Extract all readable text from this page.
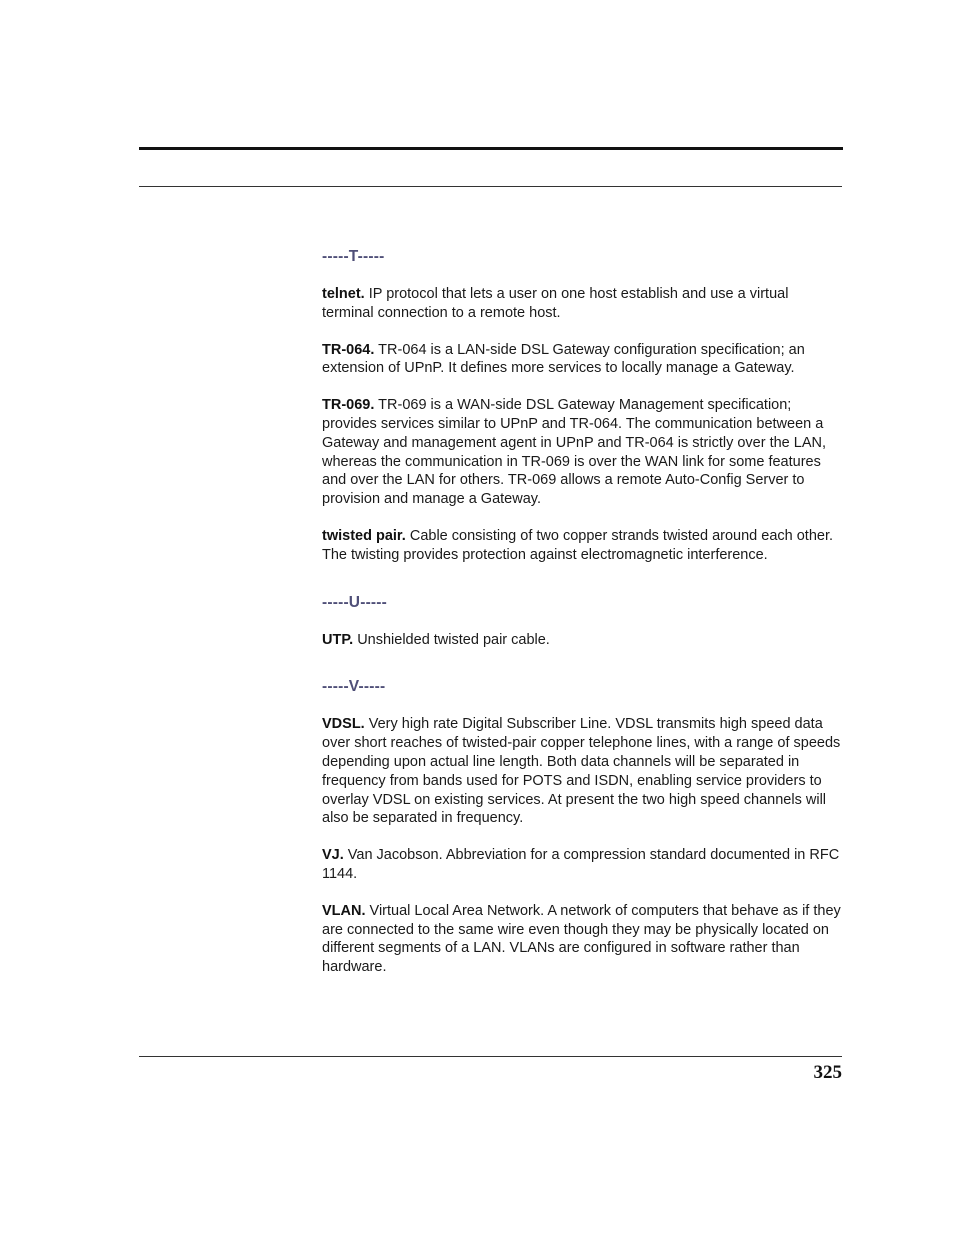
-----T-----

telnet. IP protocol that lets a user on one host establish and use a virtual terminal connection to a remote host.

TR-064. TR-064 is a LAN-side DSL Gateway configuration specification; an extension of UPnP. It defines more services to locally manage a Gateway.

TR-069. TR-069 is a WAN-side DSL Gateway Management specification; provides services similar to UPnP and TR-064. The communication between a Gateway and management agent in UPnP and TR-064 is strictly over the LAN, whereas the communication in TR-069 is over the WAN link for some features and over the LAN for others. TR-069 allows a remote Auto-Config Server to provision and manage a Gateway.

twisted pair. Cable consisting of two copper strands twisted around each other. The twisting provides protection against electromagnetic interference.

-----U-----

UTP. Unshielded twisted pair cable.

-----V-----

VDSL. Very high rate Digital Subscriber Line. VDSL transmits high speed data over short reaches of twisted-pair copper telephone lines, with a range of speeds depending upon actual line length. Both data channels will be separated in frequency from bands used for POTS and ISDN, enabling service providers to overlay VDSL on existing services. At present the two high speed channels will also be separated in frequency.

VJ. Van Jacobson. Abbreviation for a compression standard documented in RFC 1144.

VLAN. Virtual Local Area Network. A network of computers that behave as if they are connected to the same wire even though they may be physically located on different segments of a LAN. VLANs are configured in software rather than hardware.

325
